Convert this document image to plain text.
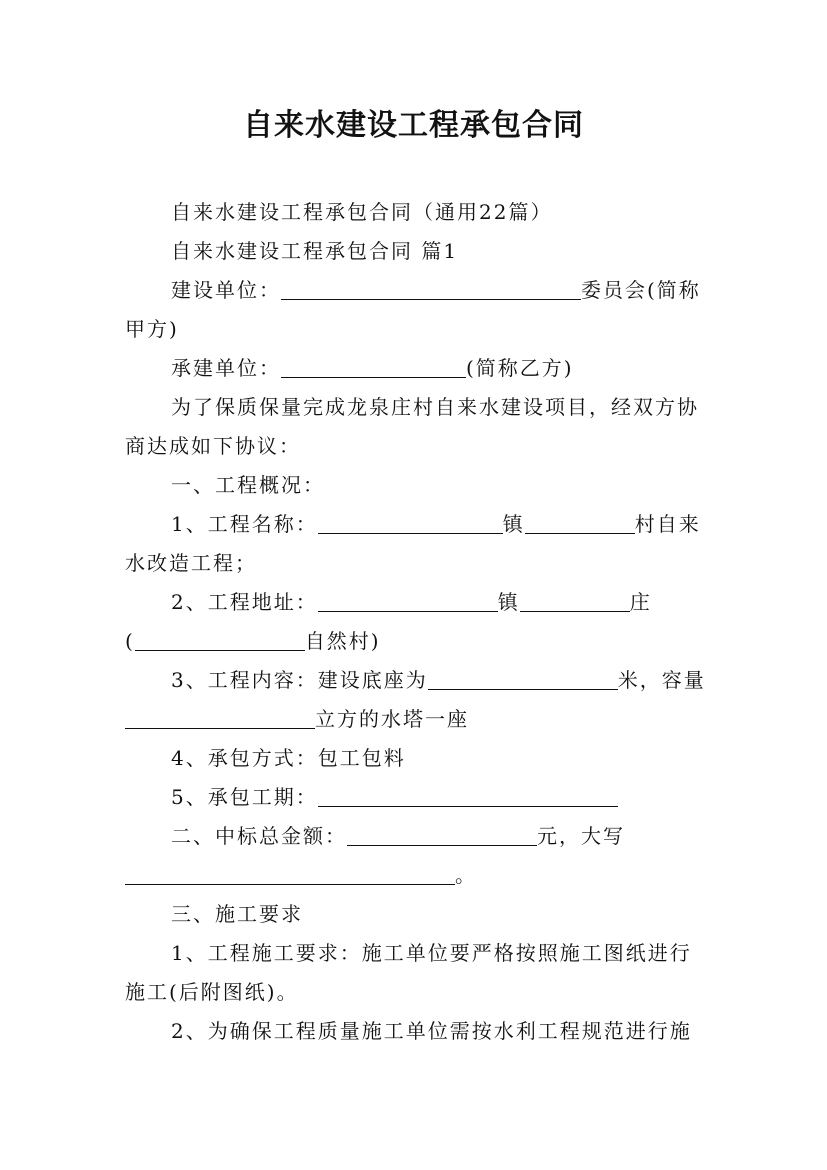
自来水建设工程承包合同
自来水建设工程承包合同（通用22篇）
自来水建设工程承包合同 篇1
建设单位：	委员会(简称
甲方)
承建单位：	(简称乙方)
为了保质保量完成龙泉庄村自来水建设项目，经双方协
商达成如下协议：
一、工程概况：
1、工程名称：	镇	村自来
水改造工程；
2、工程地址：	镇	庄
(	自然村)
3、工程内容：建设底座为	米，容量
立方的水塔一座
4、承包方式：包工包料
5、承包工期：
二、中标总金额：	元，大写
。
三、施工要求
1、工程施工要求：施工单位要严格按照施工图纸进行
施工(后附图纸)。
2、为确保工程质量施工单位需按水利工程规范进行施
